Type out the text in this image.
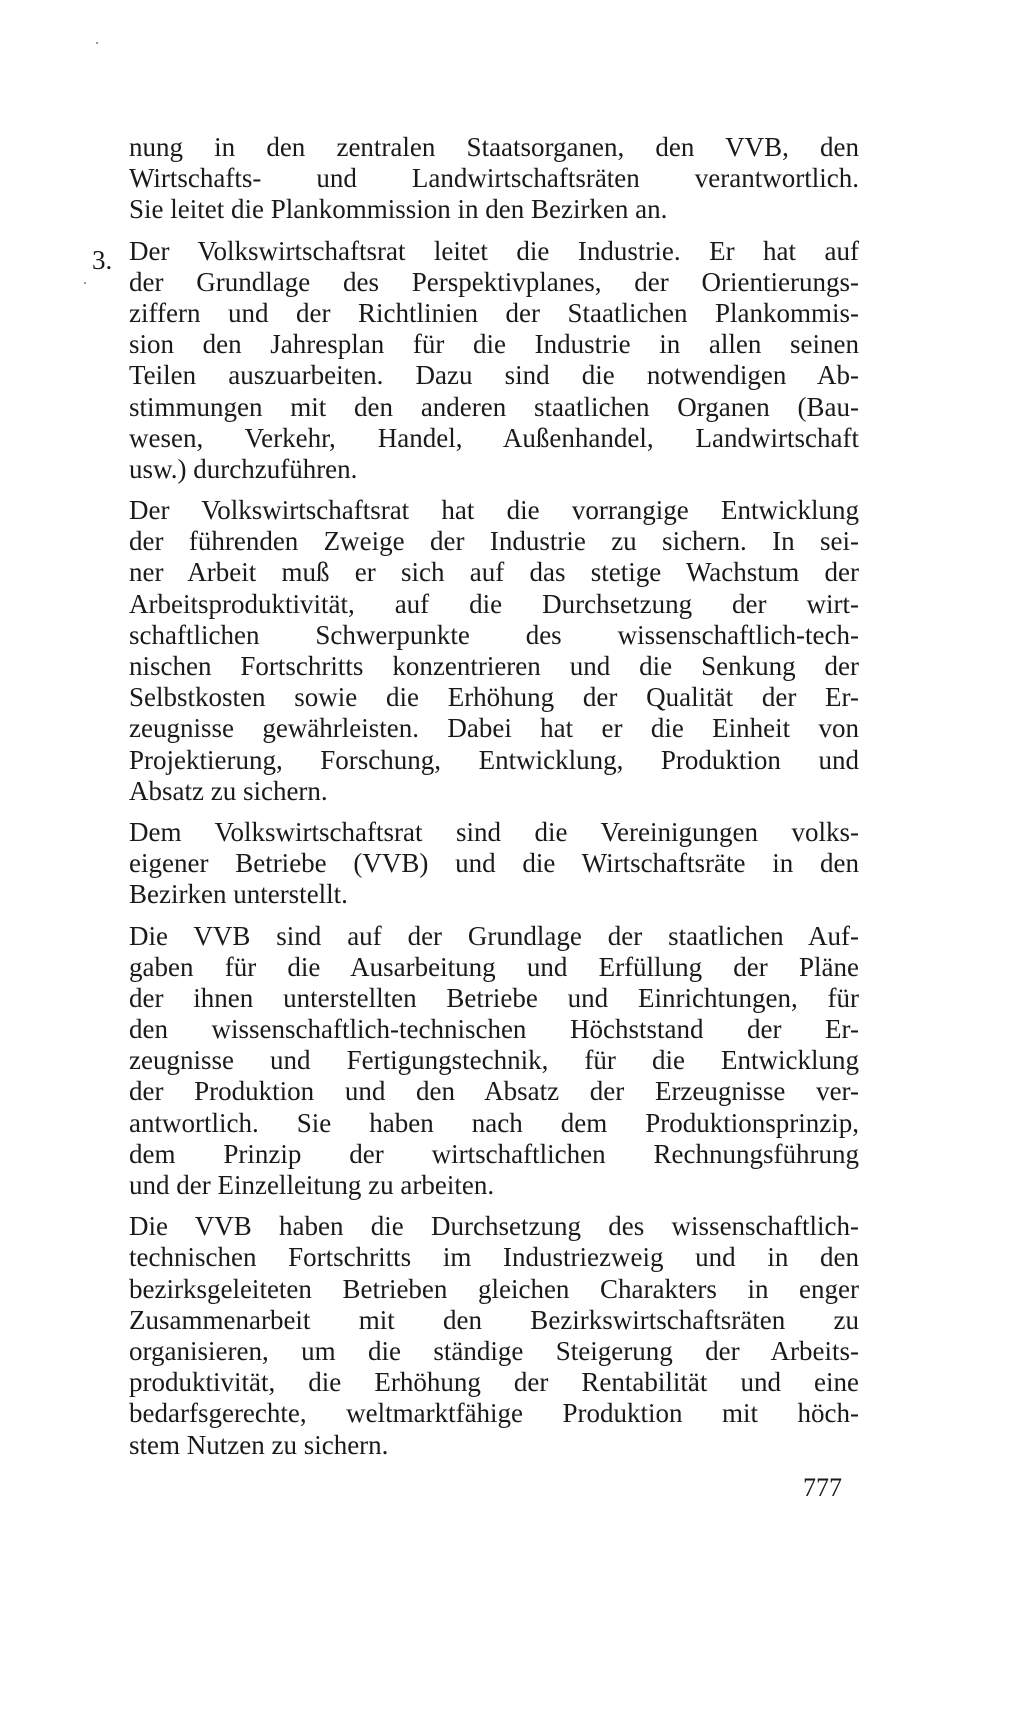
3.
nung in den zentralen Staatsorganen, den VVB, den
Wirtschafts- und Landwirtschaftsräten verantwortlich.
Sie leitet die Plankommission in den Bezirken an.
Der Volkswirtschaftsrat leitet die Industrie. Er hat auf
der Grundlage des Perspektivplanes, der Orientierungs-
ziffern und der Richtlinien der Staatlichen Plankommis-
sion den Jahresplan für die Industrie in allen seinen
Teilen auszuarbeiten. Dazu sind die notwendigen Ab-
stimmungen mit den anderen staatlichen Organen (Bau-
wesen, Verkehr, Handel, Außenhandel, Landwirtschaft
usw.) durchzuführen.
Der Volkswirtschaftsrat hat die vorrangige Entwicklung
der führenden Zweige der Industrie zu sichern. In sei-
ner Arbeit muß er sich auf das stetige Wachstum der
Arbeitsproduktivität, auf die Durchsetzung der wirt-
schaftlichen Schwerpunkte des wissenschaftlich-tech-
nischen Fortschritts konzentrieren und die Senkung der
Selbstkosten sowie die Erhöhung der Qualität der Er-
zeugnisse gewährleisten. Dabei hat er die Einheit von
Projektierung, Forschung, Entwicklung, Produktion und
Absatz zu sichern.
Dem Volkswirtschaftsrat sind die Vereinigungen volks-
eigener Betriebe (VVB) und die Wirtschaftsräte in den
Bezirken unterstellt.
Die VVB sind auf der Grundlage der staatlichen Auf-
gaben für die Ausarbeitung und Erfüllung der Pläne
der ihnen unterstellten Betriebe und Einrichtungen, für
den wissenschaftlich-technischen Höchststand der Er-
zeugnisse und Fertigungstechnik, für die Entwicklung
der Produktion und den Absatz der Erzeugnisse ver-
antwortlich. Sie haben nach dem Produktionsprinzip,
dem Prinzip der wirtschaftlichen Rechnungsführung
und der Einzelleitung zu arbeiten.
Die VVB haben die Durchsetzung des wissenschaftlich-
technischen Fortschritts im Industriezweig und in den
bezirksgeleiteten Betrieben gleichen Charakters in enger
Zusammenarbeit mit den Bezirkswirtschaftsräten zu
organisieren, um die ständige Steigerung der Arbeits-
produktivität, die Erhöhung der Rentabilität und eine
bedarfsgerechte, weltmarktfähige Produktion mit höch-
stem Nutzen zu sichern.
777
